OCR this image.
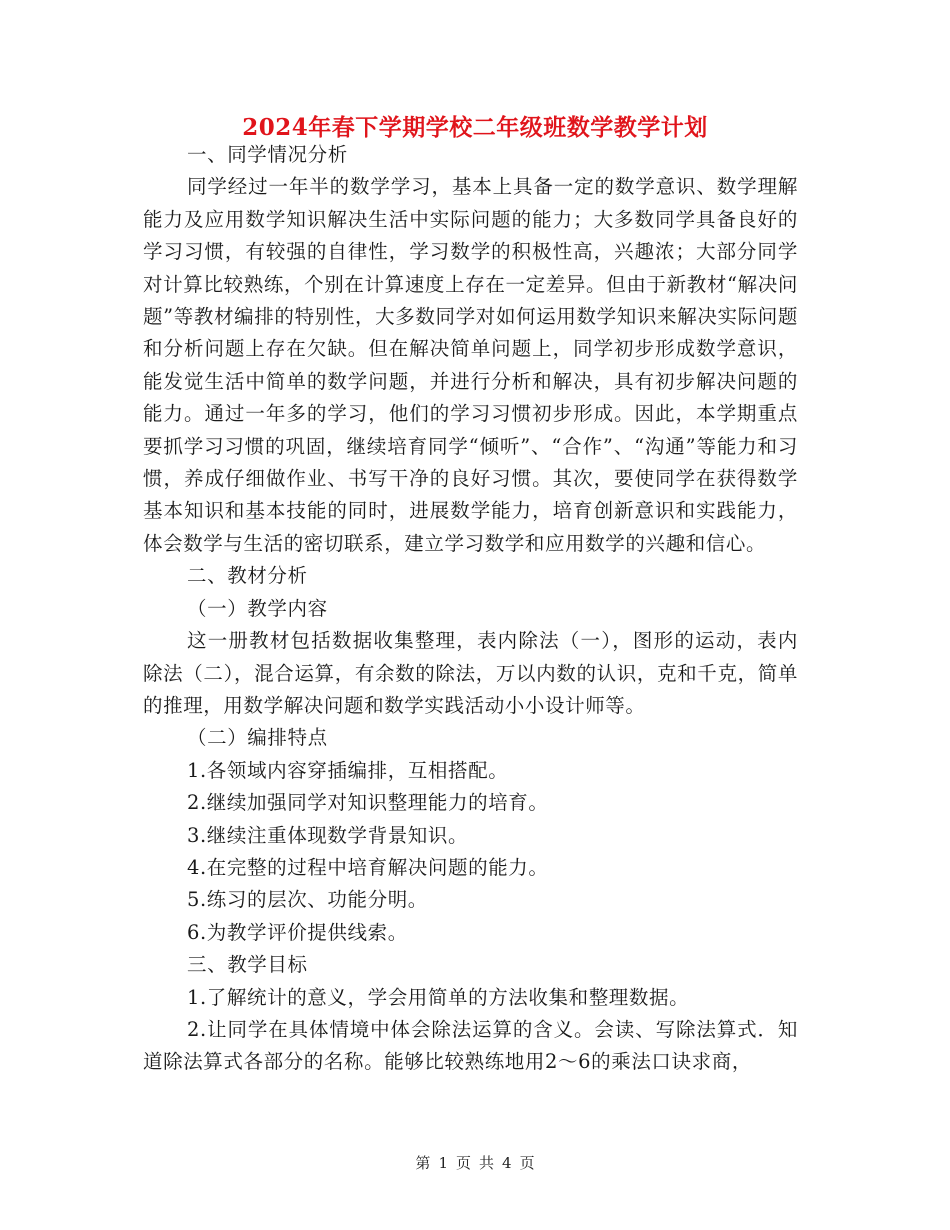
2024年春下学期学校二年级班数学教学计划

一、同学情况分析

同学经过一年半的数学学习，基本上具备一定的数学意识、数学理解能力及应用数学知识解决生活中实际问题的能力；大多数同学具备良好的学习习惯，有较强的自律性，学习数学的积极性高，兴趣浓；大部分同学对计算比较熟练，个别在计算速度上存在一定差异。但由于新教材“解决问题”等教材编排的特别性，大多数同学对如何运用数学知识来解决实际问题和分析问题上存在欠缺。但在解决简单问题上，同学初步形成数学意识，能发觉生活中简单的数学问题，并进行分析和解决，具有初步解决问题的能力。通过一年多的学习，他们的学习习惯初步形成。因此，本学期重点要抓学习习惯的巩固，继续培育同学“倾听”、“合作”、“沟通”等能力和习惯，养成仔细做作业、书写干净的良好习惯。其次，要使同学在获得数学基本知识和基本技能的同时，进展数学能力，培育创新意识和实践能力，体会数学与生活的密切联系，建立学习数学和应用数学的兴趣和信心。

二、教材分析

（一）教学内容

这一册教材包括数据收集整理，表内除法（一），图形的运动，表内除法（二），混合运算，有余数的除法，万以内数的认识，克和千克，简单的推理，用数学解决问题和数学实践活动小小设计师等。

（二）编排特点

1.各领域内容穿插编排，互相搭配。

2.继续加强同学对知识整理能力的培育。

3.继续注重体现数学背景知识。

4.在完整的过程中培育解决问题的能力。

5.练习的层次、功能分明。

6.为教学评价提供线索。

三、教学目标

1.了解统计的意义，学会用简单的方法收集和整理数据。

2.让同学在具体情境中体会除法运算的含义。会读、写除法算式．知道除法算式各部分的名称。能够比较熟练地用2～6的乘法口诀求商，

第 1 页 共 4 页
